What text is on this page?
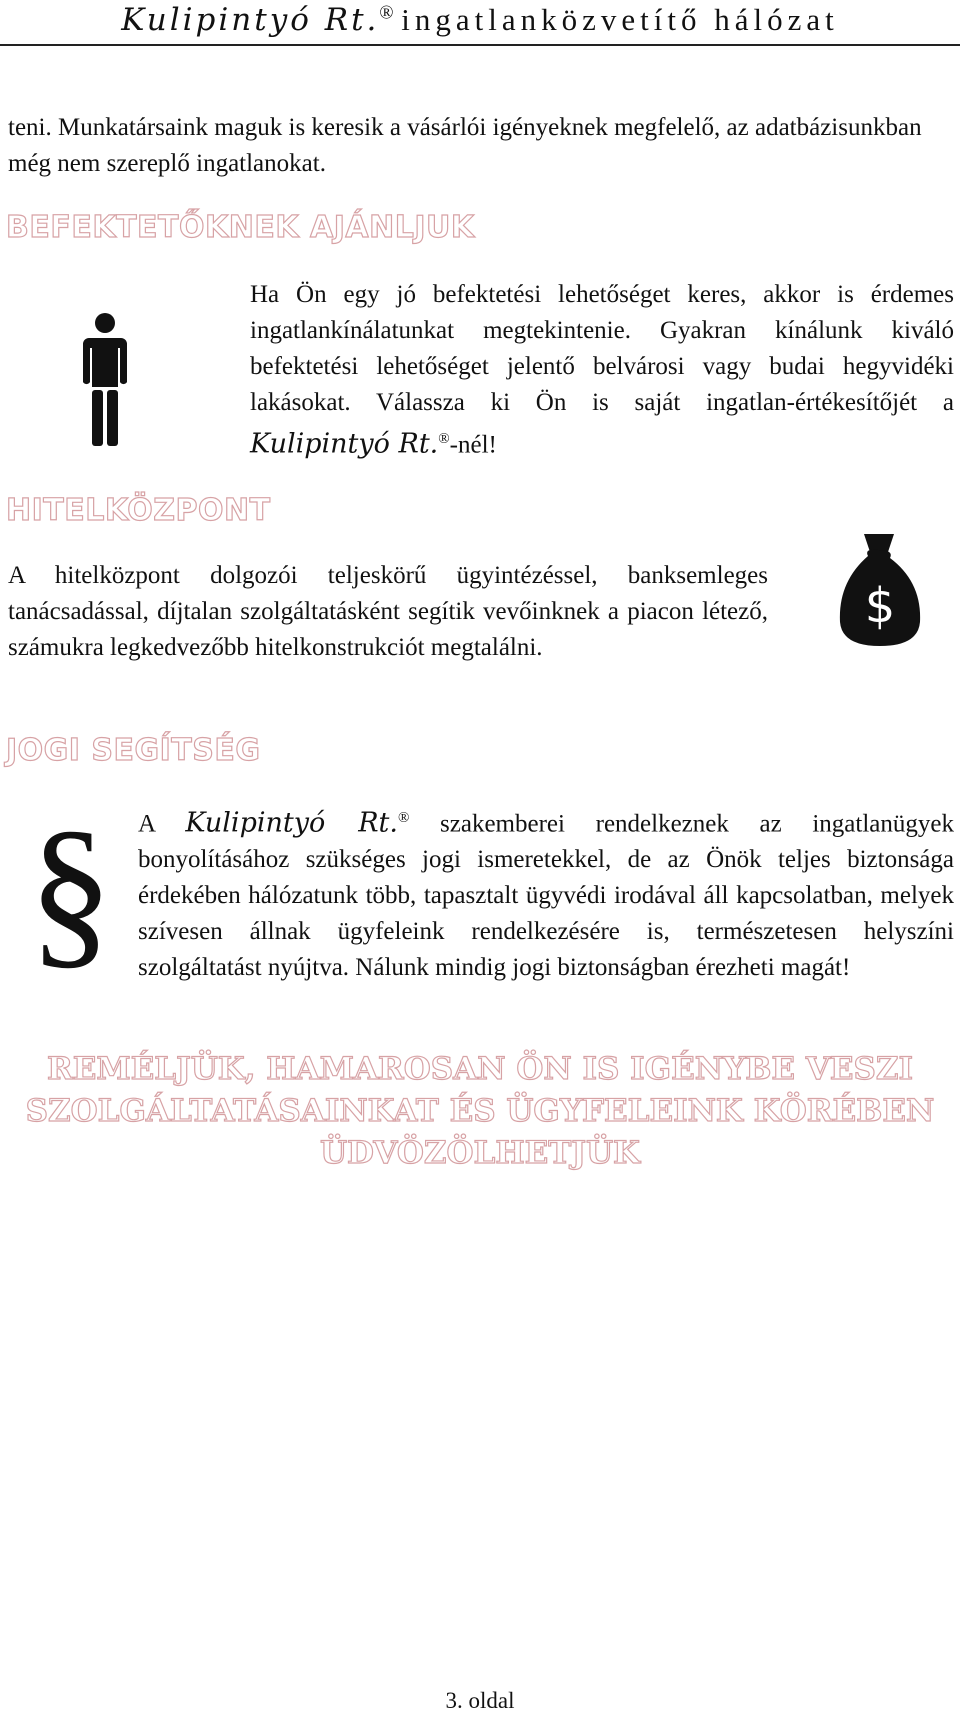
Kulipintyó Rt.® ingatlanközvetítő hálózat
teni. Munkatársaink maguk is keresik a vásárlói igényeknek megfelelő, az adatbázisunkban még nem szereplő ingatlanokat.
BEFEKTETŐKNEK AJÁNLJUK
Ha Ön egy jó befektetési lehetőséget keres, akkor is érdemes ingatlankínálatunkat megtekintenie. Gyakran kínálunk kiváló befektetési lehetőséget jelentő belvárosi vagy budai hegyvidéki lakásokat. Válassza ki Ön is saját ingatlan-értékesítőjét a Kulipintyó Rt.®-nél!
HITELKÖZPONT
A hitelközpont dolgozói teljeskörű ügyintézéssel, banksemleges tanácsadással, díjtalan szolgáltatásként segítik vevőinknek a piacon létező, számukra legkedvezőbb hitelkonstrukciót megtalálni.
$
JOGI SEGÍTSÉG
§ A Kulipintyó Rt.® szakemberei rendelkeznek az ingatlanügyek bonyolításához szükséges jogi ismeretekkel, de az Önök teljes biztonsága érdekében hálózatunk több, tapasztalt ügyvédi irodával áll kapcsolatban, melyek szívesen állnak ügyfeleink rendelkezésére is, természetesen helyszíni szolgáltatást nyújtva. Nálunk mindig jogi biztonságban érezheti magát!
REMÉLJÜK, HAMAROSAN ÖN IS IGÉNYBE VESZI
SZOLGÁLTATÁSAINKAT ÉS ÜGYFELEINK KÖRÉBEN
ÜDVÖZÖLHETJÜK
3. oldal
